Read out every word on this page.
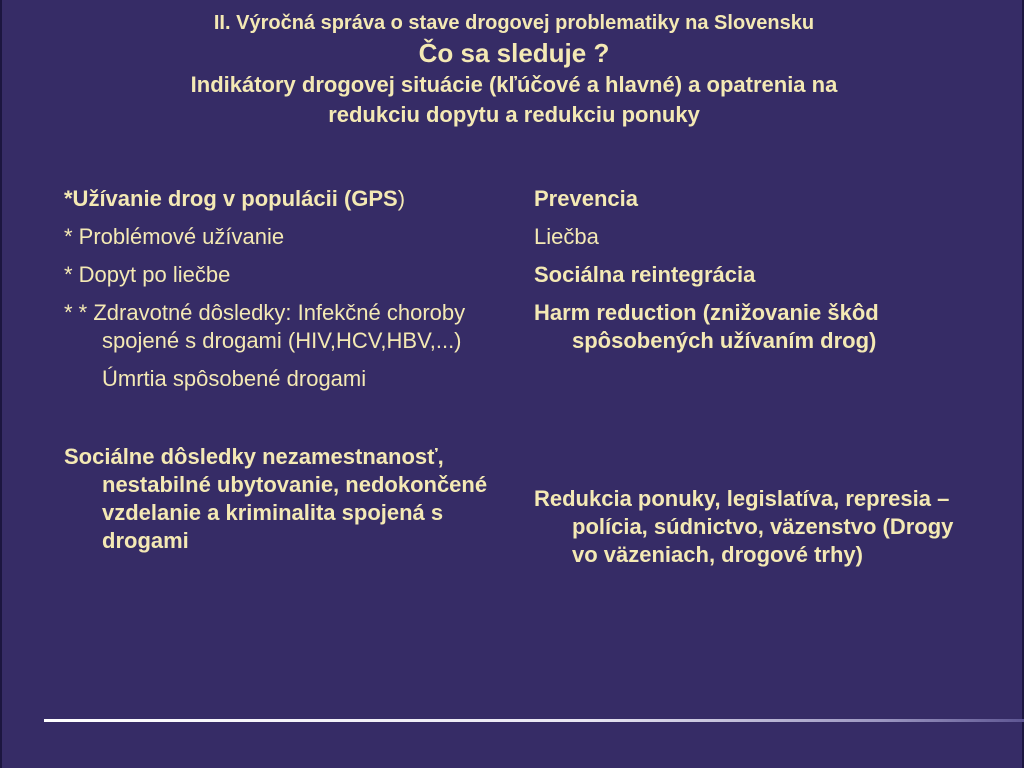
II. Výročná správa o stave drogovej problematiky na Slovensku
Čo sa sleduje ?
Indikátory drogovej situácie (kľúčové a hlavné) a opatrenia na
redukciu dopytu a redukciu ponuky
*Užívanie drog v populácii (GPS)
* Problémové užívanie
* Dopyt po liečbe
* * Zdravotné dôsledky: Infekčné choroby spojené s drogami (HIV,HCV,HBV,...)
Úmrtia spôsobené drogami
Sociálne dôsledky nezamestnanosť, nestabilné ubytovanie, nedokončené vzdelanie a kriminalita spojená s drogami
Prevencia
Liečba
Sociálna reintegrácia
Harm reduction (znižovanie škôd spôsobených užívaním drog)
Redukcia ponuky, legislatíva, represia – polícia, súdnictvo, väzenstvo (Drogy vo väzeniach, drogové trhy)
